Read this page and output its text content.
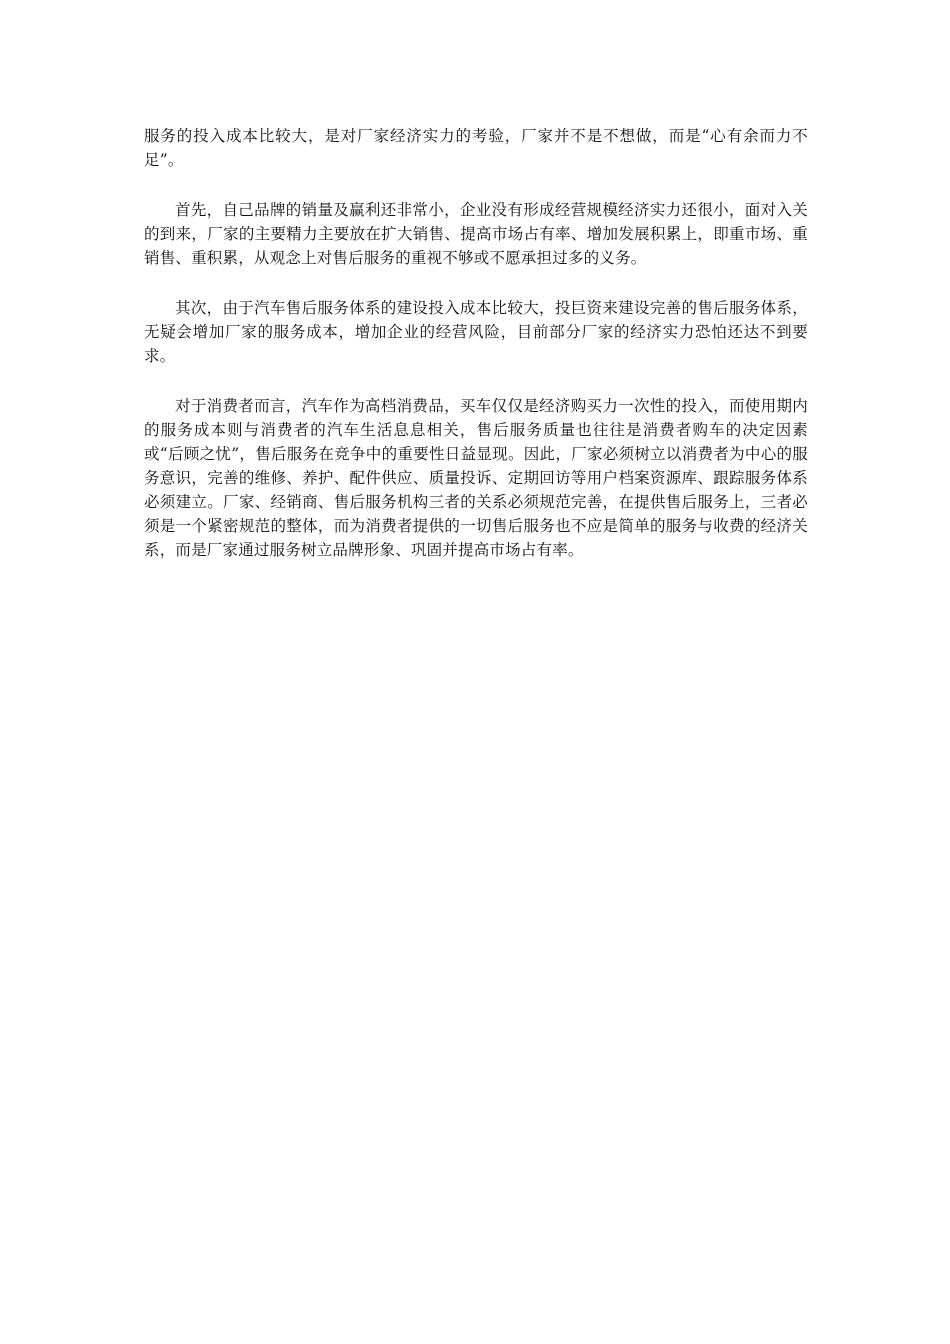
服务的投入成本比较大，是对厂家经济实力的考验，厂家并不是不想做，而是“心有余而力不足”。

首先，自己品牌的销量及赢利还非常小，企业没有形成经营规模经济实力还很小，面对入关的到来，厂家的主要精力主要放在扩大销售、提高市场占有率、增加发展积累上，即重市场、重销售、重积累，从观念上对售后服务的重视不够或不愿承担过多的义务。

其次，由于汽车售后服务体系的建设投入成本比较大，投巨资来建设完善的售后服务体系，无疑会增加厂家的服务成本，增加企业的经营风险，目前部分厂家的经济实力恐怕还达不到要求。

对于消费者而言，汽车作为高档消费品，买车仅仅是经济购买力一次性的投入，而使用期内的服务成本则与消费者的汽车生活息息相关，售后服务质量也往往是消费者购车的决定因素或“后顾之忧”，售后服务在竞争中的重要性日益显现。因此，厂家必须树立以消费者为中心的服务意识，完善的维修、养护、配件供应、质量投诉、定期回访等用户档案资源库、跟踪服务体系必须建立。厂家、经销商、售后服务机构三者的关系必须规范完善，在提供售后服务上，三者必须是一个紧密规范的整体，而为消费者提供的一切售后服务也不应是简单的服务与收费的经济关系，而是厂家通过服务树立品牌形象、巩固并提高市场占有率。
